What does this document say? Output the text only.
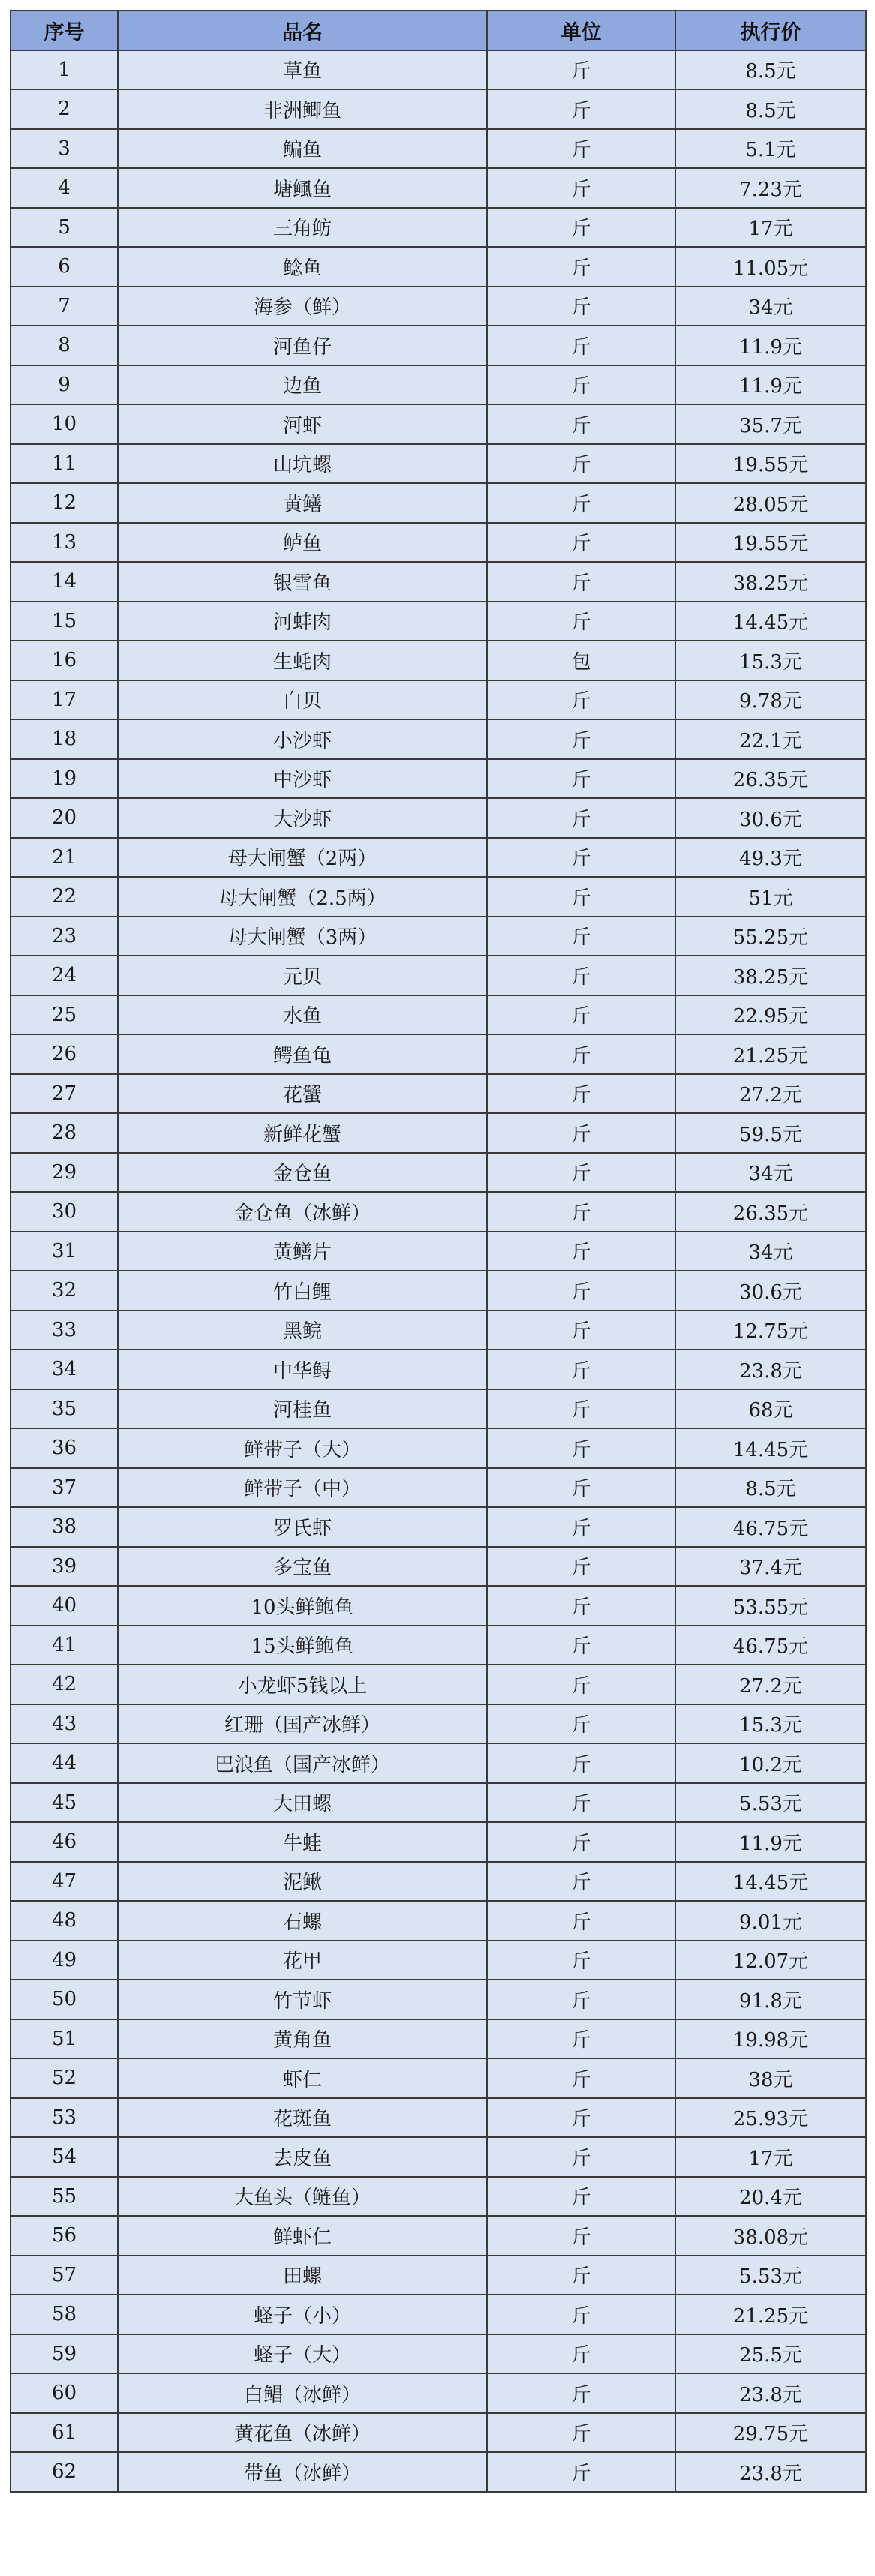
序号	品名	单位	执行价
1	草鱼	斤	8.5元
2	非洲鲫鱼	斤	8.5元
3	鳊鱼	斤	5.1元
4	塘鲺鱼	斤	7.23元
5	三角鲂	斤	17元
6	鲶鱼	斤	11.05元
7	海参（鲜）	斤	34元
8	河鱼仔	斤	11.9元
9	边鱼	斤	11.9元
10	河虾	斤	35.7元
11	山坑螺	斤	19.55元
12	黄鳝	斤	28.05元
13	鲈鱼	斤	19.55元
14	银雪鱼	斤	38.25元
15	河蚌肉	斤	14.45元
16	生蚝肉	包	15.3元
17	白贝	斤	9.78元
18	小沙虾	斤	22.1元
19	中沙虾	斤	26.35元
20	大沙虾	斤	30.6元
21	母大闸蟹（2两）	斤	49.3元
22	母大闸蟹（2.5两）	斤	51元
23	母大闸蟹（3两）	斤	55.25元
24	元贝	斤	38.25元
25	水鱼	斤	22.95元
26	鳄鱼龟	斤	21.25元
27	花蟹	斤	27.2元
28	新鲜花蟹	斤	59.5元
29	金仓鱼	斤	34元
30	金仓鱼（冰鲜）	斤	26.35元
31	黄鳝片	斤	34元
32	竹白鲤	斤	30.6元
33	黑鲩	斤	12.75元
34	中华鲟	斤	23.8元
35	河桂鱼	斤	68元
36	鲜带子（大）	斤	14.45元
37	鲜带子（中）	斤	8.5元
38	罗氏虾	斤	46.75元
39	多宝鱼	斤	37.4元
40	10头鲜鲍鱼	斤	53.55元
41	15头鲜鲍鱼	斤	46.75元
42	小龙虾5钱以上	斤	27.2元
43	红珊（国产冰鲜）	斤	15.3元
44	巴浪鱼（国产冰鲜）	斤	10.2元
45	大田螺	斤	5.53元
46	牛蛙	斤	11.9元
47	泥鳅	斤	14.45元
48	石螺	斤	9.01元
49	花甲	斤	12.07元
50	竹节虾	斤	91.8元
51	黄角鱼	斤	19.98元
52	虾仁	斤	38元
53	花斑鱼	斤	25.93元
54	去皮鱼	斤	17元
55	大鱼头（鲢鱼）	斤	20.4元
56	鲜虾仁	斤	38.08元
57	田螺	斤	5.53元
58	蛏子（小）	斤	21.25元
59	蛏子（大）	斤	25.5元
60	白鲳（冰鲜）	斤	23.8元
61	黄花鱼（冰鲜）	斤	29.75元
62	带鱼（冰鲜）	斤	23.8元
